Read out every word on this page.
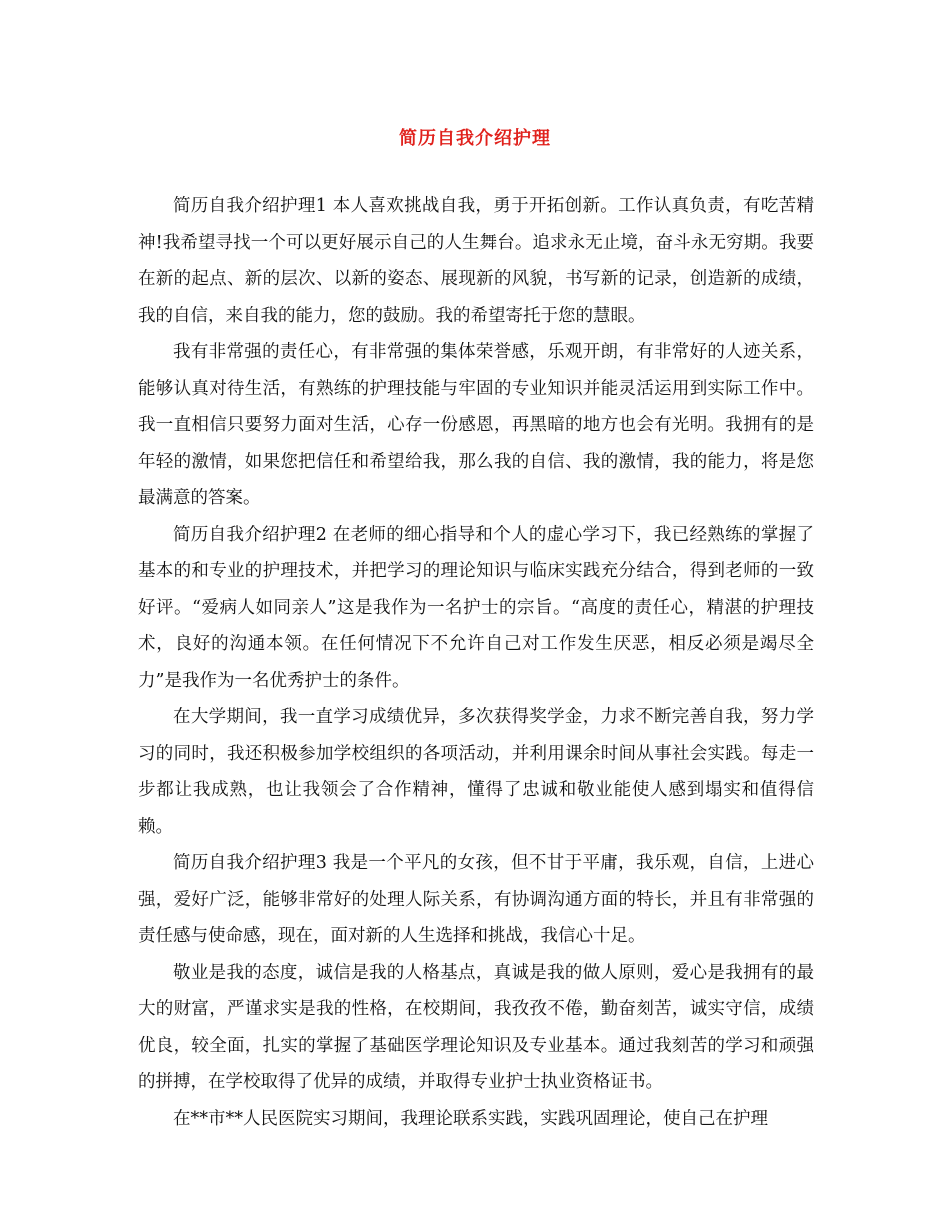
简历自我介绍护理

简历自我介绍护理1 本人喜欢挑战自我，勇于开拓创新。工作认真负责，有吃苦精神!我希望寻找一个可以更好展示自己的人生舞台。追求永无止境，奋斗永无穷期。我要在新的起点、新的层次、以新的姿态、展现新的风貌，书写新的记录，创造新的成绩，我的自信，来自我的能力，您的鼓励。我的希望寄托于您的慧眼。

我有非常强的责任心，有非常强的集体荣誉感，乐观开朗，有非常好的人迹关系，能够认真对待生活，有熟练的护理技能与牢固的专业知识并能灵活运用到实际工作中。我一直相信只要努力面对生活，心存一份感恩，再黑暗的地方也会有光明。我拥有的是年轻的激情，如果您把信任和希望给我，那么我的自信、我的激情，我的能力，将是您最满意的答案。

简历自我介绍护理2 在老师的细心指导和个人的虚心学习下，我已经熟练的掌握了基本的和专业的护理技术，并把学习的理论知识与临床实践充分结合，得到老师的一致好评。“爱病人如同亲人”这是我作为一名护士的宗旨。“高度的责任心，精湛的护理技术，良好的沟通本领。在任何情况下不允许自己对工作发生厌恶，相反必须是竭尽全力”是我作为一名优秀护士的条件。

在大学期间，我一直学习成绩优异，多次获得奖学金，力求不断完善自我，努力学习的同时，我还积极参加学校组织的各项活动，并利用课余时间从事社会实践。每走一步都让我成熟，也让我领会了合作精神，懂得了忠诚和敬业能使人感到塌实和值得信赖。

简历自我介绍护理3 我是一个平凡的女孩，但不甘于平庸，我乐观，自信，上进心强，爱好广泛，能够非常好的处理人际关系，有协调沟通方面的特长，并且有非常强的责任感与使命感，现在，面对新的人生选择和挑战，我信心十足。

敬业是我的态度，诚信是我的人格基点，真诚是我的做人原则，爱心是我拥有的最大的财富，严谨求实是我的性格，在校期间，我孜孜不倦，勤奋刻苦，诚实守信，成绩优良，较全面，扎实的掌握了基础医学理论知识及专业基本。通过我刻苦的学习和顽强的拼搏，在学校取得了优异的成绩，并取得专业护士执业资格证书。

在**市**人民医院实习期间，我理论联系实践，实践巩固理论，使自己在护理
